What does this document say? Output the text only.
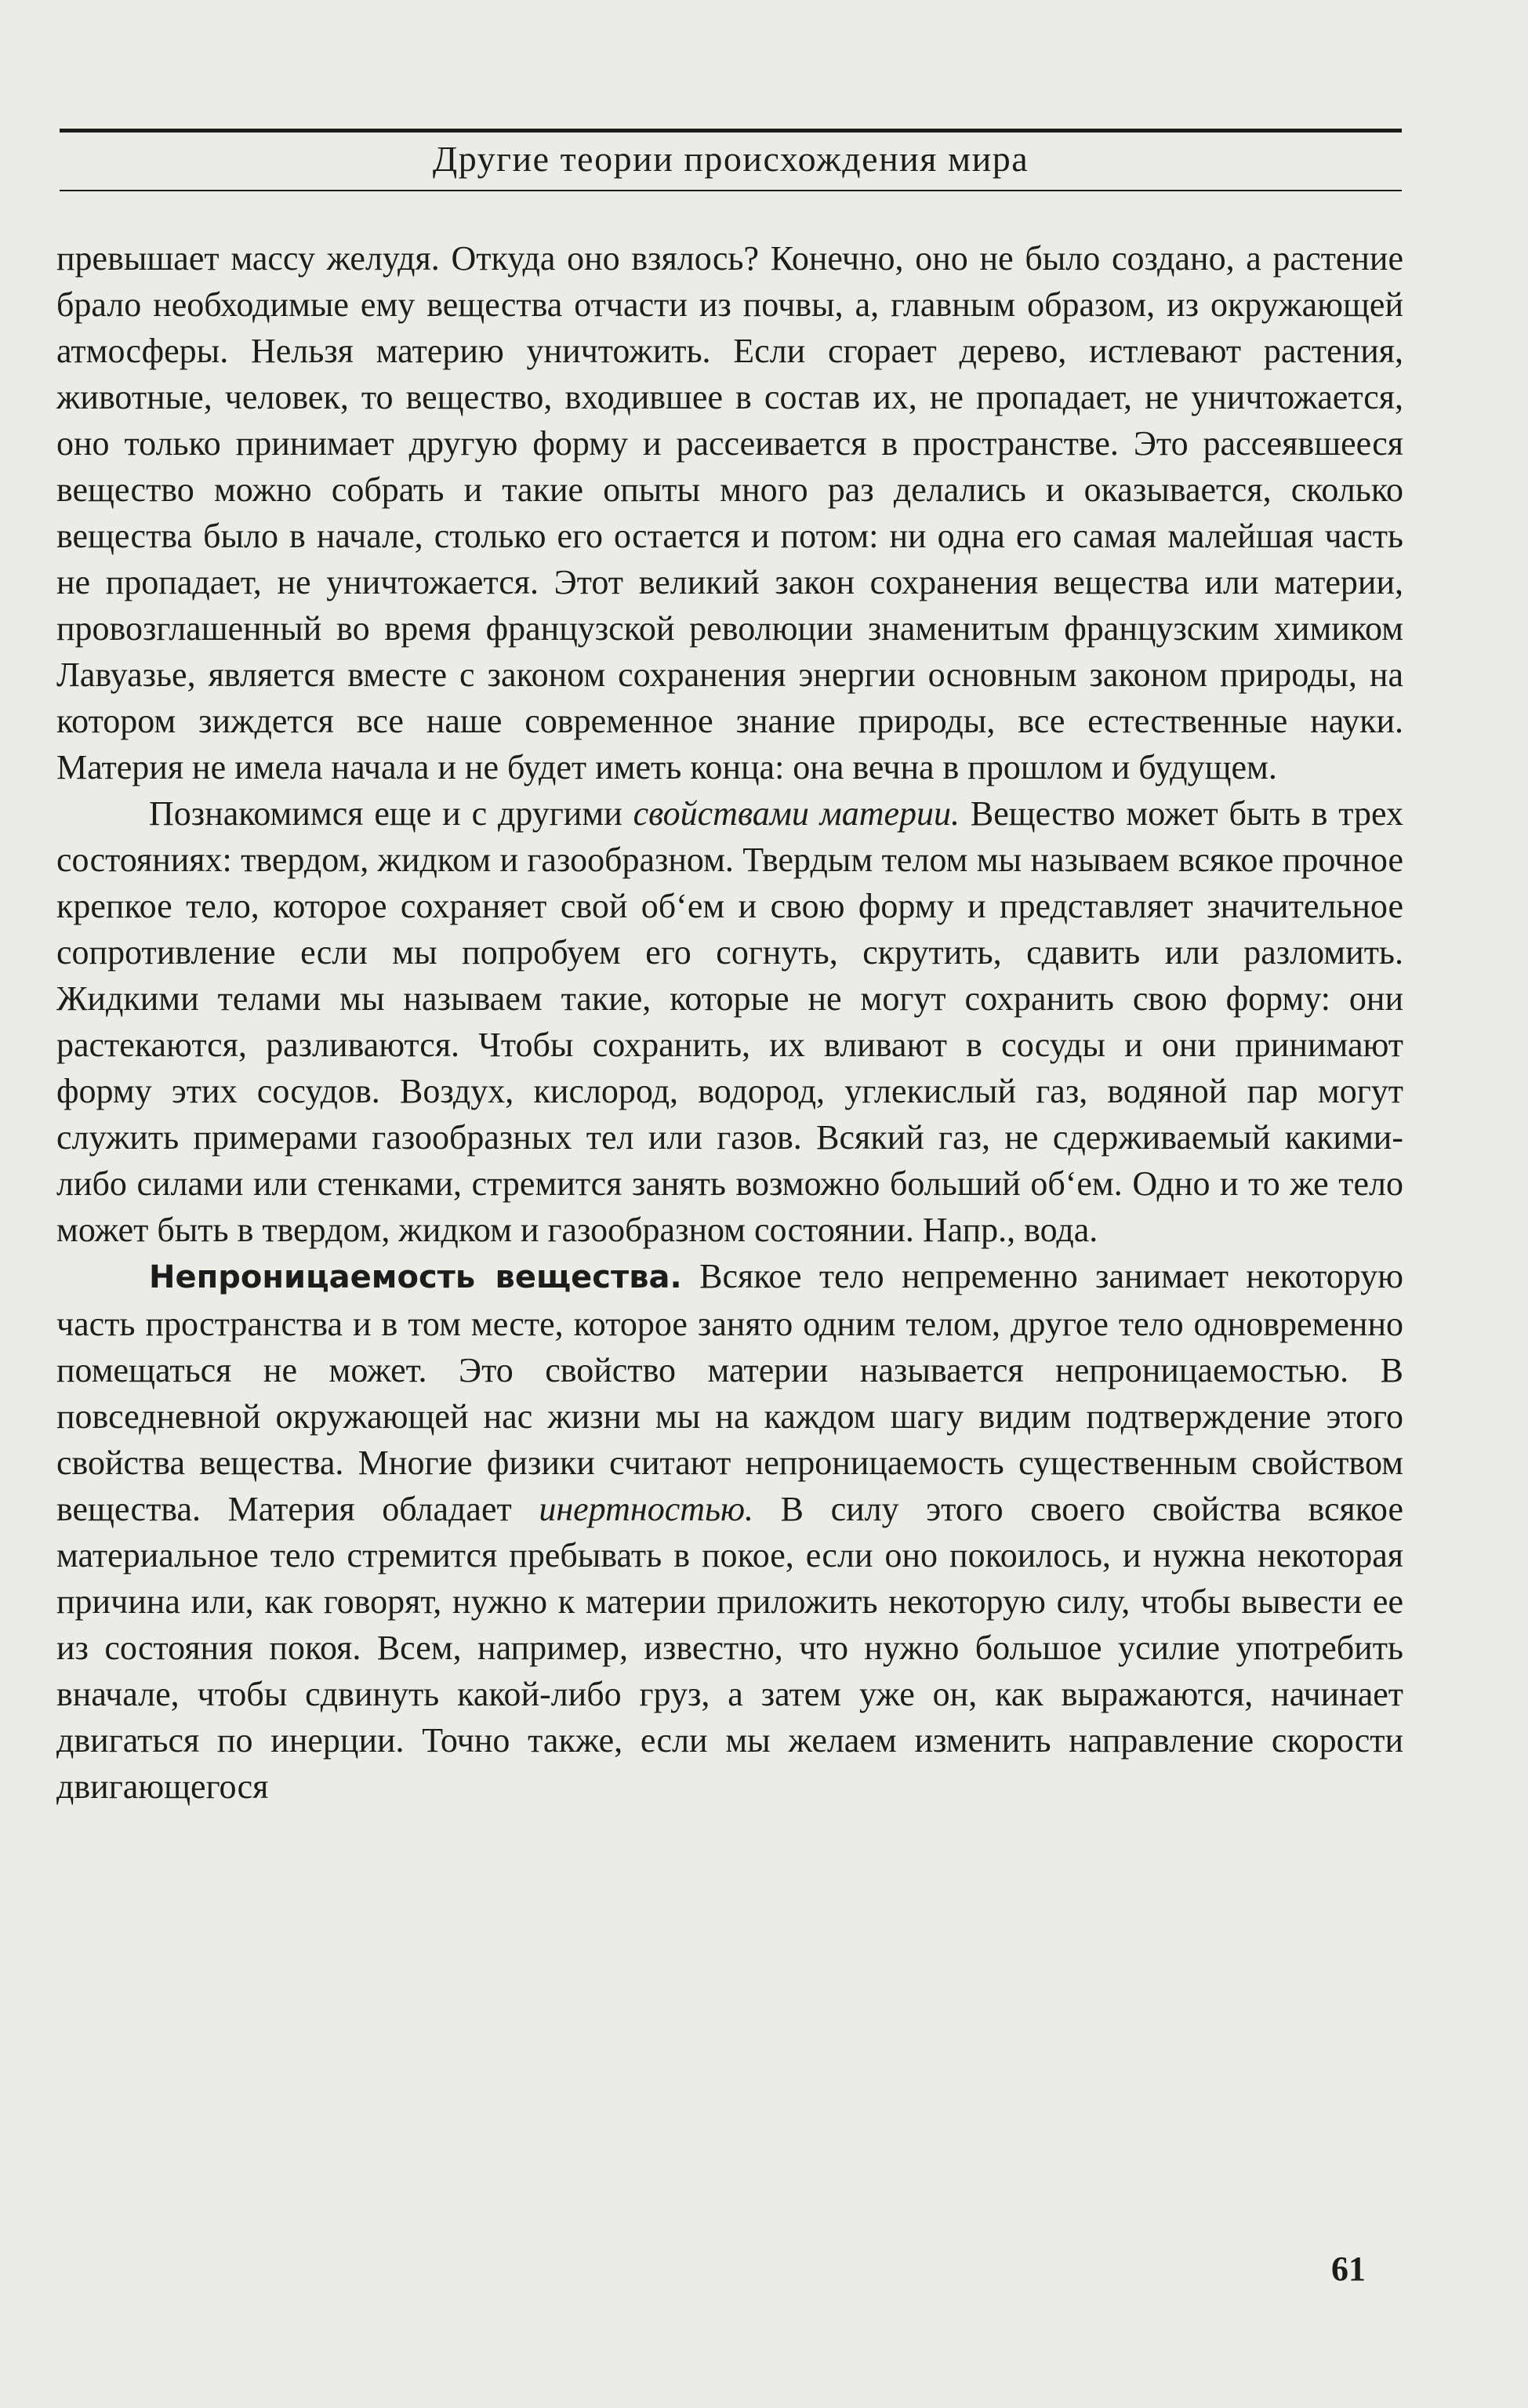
Другие теории происхождения мира

превышает массу желудя. Откуда оно взялось? Конечно, оно не было создано, а растение брало необходимые ему вещества отчасти из почвы, а, главным образом, из окружающей атмосферы. Нельзя материю уничтожить. Если сгорает дерево, истлевают растения, животные, человек, то вещество, входившее в состав их, не пропадает, не уничтожается, оно только принимает другую форму и рассеивается в пространстве. Это рассеявшееся вещество можно собрать и такие опыты много раз делались и оказывается, сколько вещества было в начале, столько его остается и потом: ни одна его самая малейшая часть не пропадает, не уничтожается. Этот великий закон сохранения вещества или материи, провозглашенный во время французской революции знаменитым французским химиком Лавуазье, является вместе с законом сохранения энергии основным законом природы, на котором зиждется все наше современное знание природы, все естественные науки. Материя не имела начала и не будет иметь конца: она вечна в прошлом и будущем.

Познакомимся еще и с другими свойствами материи. Вещество может быть в трех состояниях: твердом, жидком и газообразном. Твердым телом мы называем всякое прочное крепкое тело, которое сохраняет свой об‘ем и свою форму и представляет значительное сопротивление если мы попробуем его согнуть, скрутить, сдавить или разломить. Жидкими телами мы называем такие, которые не могут сохранить свою форму: они растекаются, разливаются. Чтобы сохранить, их вливают в сосуды и они принимают форму этих сосудов. Воздух, кислород, водород, углекислый газ, водяной пар могут служить примерами газообразных тел или газов. Всякий газ, не сдерживаемый какими-либо силами или стенками, стремится занять возможно больший об‘ем. Одно и то же тело может быть в твердом, жидком и газообразном состоянии. Напр., вода.

Непроницаемость вещества. Всякое тело непременно занимает некоторую часть пространства и в том месте, которое занято одним телом, другое тело одновременно помещаться не может. Это свойство материи называется непроницаемостью. В повседневной окружающей нас жизни мы на каждом шагу видим подтверждение этого свойства вещества. Многие физики считают непроницаемость существенным свойством вещества. Материя обладает инертностью. В силу этого своего свойства всякое материальное тело стремится пребывать в покое, если оно покоилось, и нужна некоторая причина или, как говорят, нужно к материи приложить некоторую силу, чтобы вывести ее из состояния покоя. Всем, например, известно, что нужно большое усилие употребить вначале, чтобы сдвинуть какой-либо груз, а затем уже он, как выражаются, начинает двигаться по инерции. Точно также, если мы желаем изменить направление скорости двигающегося

61
